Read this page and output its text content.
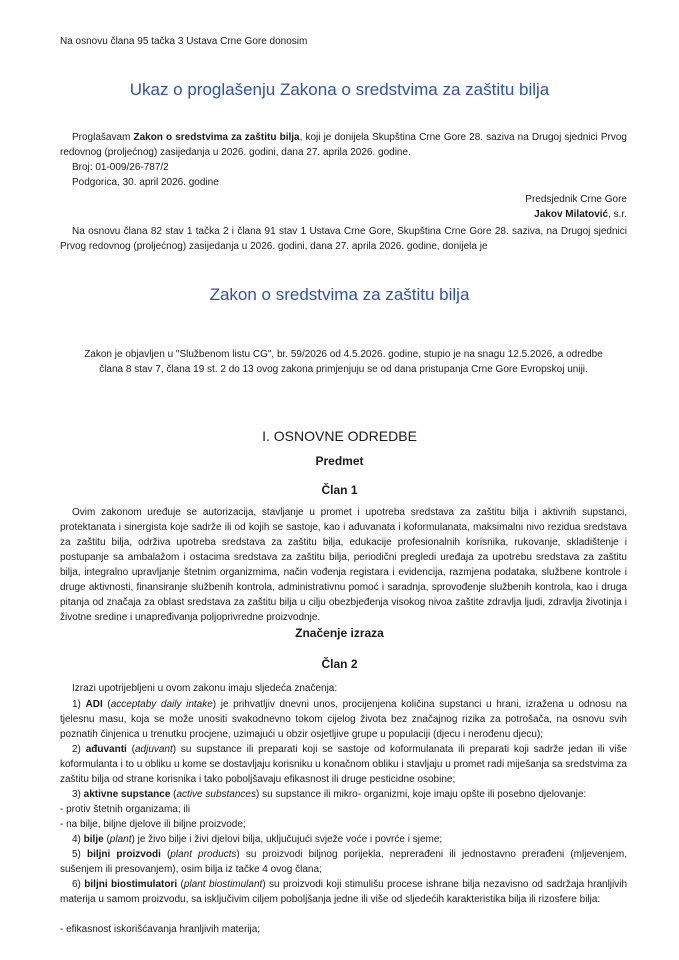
Na osnovu člana 95 tačka 3 Ustava Crne Gore donosim
Ukaz o proglašenju Zakona o sredstvima za zaštitu bilja
Proglašavam Zakon o sredstvima za zaštitu bilja, koji je donijela Skupština Crne Gore 28. saziva na Drugoj sjednici Prvog redovnog (proljećnog) zasijedanja u 2026. godini, dana 27. aprila 2026. godine.
Broj: 01-009/26-787/2
Podgorica, 30. april 2026. godine
Predsjednik Crne Gore
Jakov Milatović, s.r.
Na osnovu člana 82 stav 1 tačka 2 i člana 91 stav 1 Ustava Crne Gore, Skupština Crne Gore 28. saziva, na Drugoj sjednici Prvog redovnog (proljećnog) zasijedanja u 2026. godini, dana 27. aprila 2026. godine, donijela je
Zakon o sredstvima za zaštitu bilja
Zakon je objavljen u "Službenom listu CG", br. 59/2026 od 4.5.2026. godine, stupio je na snagu 12.5.2026, a odredbe člana 8 stav 7, člana 19 st. 2 do 13 ovog zakona primjenjuju se od dana pristupanja Crne Gore Evropskoj uniji.
I. OSNOVNE ODREDBE
Predmet
Član 1
Ovim zakonom uređuje se autorizacija, stavljanje u promet i upotreba sredstava za zaštitu bilja i aktivnih supstanci, protektanata i sinergista koje sadrže ili od kojih se sastoje, kao i ađuvanata i koformulanata, maksimalni nivo rezidua sredstava za zaštitu bilja, održiva upotreba sredstava za zaštitu bilja, edukacije profesionalnih korisnika, rukovanje, skladištenje i postupanje sa ambalažom i ostacima sredstava za zaštitu bilja, periodični pregledi uređaja za upotrebu sredstava za zaštitu bilja, integralno upravljanje štetnim organizmima, način vođenja registara i evidencija, razmjena podataka, službene kontrole i druge aktivnosti, finansiranje službenih kontrola, administrativnu pomoć i saradnja, sprovođenje službenih kontrola, kao i druga pitanja od značaja za oblast sredstava za zaštitu bilja u cilju obezbjeđenja visokog nivoa zaštite zdravlja ljudi, zdravlja životinja i životne sredine i unapređivanja poljoprivredne proizvodnje.
Značenje izraza
Član 2
Izrazi upotrijebljeni u ovom zakonu imaju sljedeća značenja:
1) ADI (acceptaby daily intake) je prihvatljiv dnevni unos, procijenjena količina supstanci u hrani, izražena u odnosu na tjelesnu masu, koja se može unositi svakodnevno tokom cijelog života bez značajnog rizika za potrošača, na osnovu svih poznatih činjenica u trenutku procjene, uzimajući u obzir osjetljive grupe u populaciji (djecu i nerođenu djecu);
2) ađuvanti (adjuvant) su supstance ili preparati koji se sastoje od koformulanata ili preparati koji sadrže jedan ili više koformulanta i to u obliku u kome se dostavljaju korisniku u konačnom obliku i stavljaju u promet radi miješanja sa sredstvima za zaštitu bilja od strane korisnika i tako poboljšavaju efikasnost ili druge pesticidne osobine;
3) aktivne supstance (active substances) su supstance ili mikro- organizmi, koje imaju opšte ili posebno djelovanje:
- protiv štetnih organizama; ili
- na bilje, biljne djelove ili biljne proizvode;
4) bilje (plant) je živo bilje i živi djelovi bilja, uključujući svježe voće i povrće i sjeme;
5) biljni proizvodi (plant products) su proizvodi biljnog porijekla, neprerađeni ili jednostavno prerađeni (mljevenjem, sušenjem ili presovanjem), osim bilja iz tačke 4 ovog člana;
6) biljni biostimulatori (plant biostimulant) su proizvodi koji stimulišu procese ishrane bilja nezavisno od sadržaja hranljivih materija u samom proizvodu, sa isključivim ciljem poboljšanja jedne ili više od sljedećih karakteristika bilja ili rizosfere bilja:
- efikasnost iskorišćavanja hranljivih materija;
